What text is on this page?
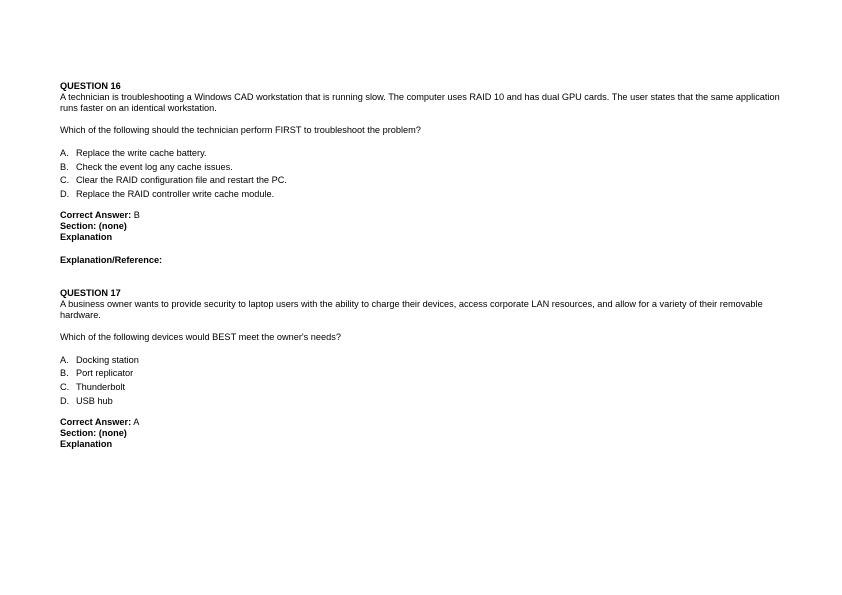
QUESTION 16

A technician is troubleshooting a Windows CAD workstation that is running slow. The computer uses RAID 10 and has dual GPU cards. The user states that the same application runs faster on an identical workstation.

Which of the following should the technician perform FIRST to troubleshoot the problem?

A. Replace the write cache battery.
B. Check the event log any cache issues.
C. Clear the RAID configuration file and restart the PC.
D. Replace the RAID controller write cache module.
Correct Answer: B
Section: (none)
Explanation
Explanation/Reference:

QUESTION 17

A business owner wants to provide security to laptop users with the ability to charge their devices, access corporate LAN resources, and allow for a variety of their removable hardware.

Which of the following devices would BEST meet the owner's needs?

A. Docking station
B. Port replicator
C. Thunderbolt
D. USB hub
Correct Answer: A
Section: (none)
Explanation
